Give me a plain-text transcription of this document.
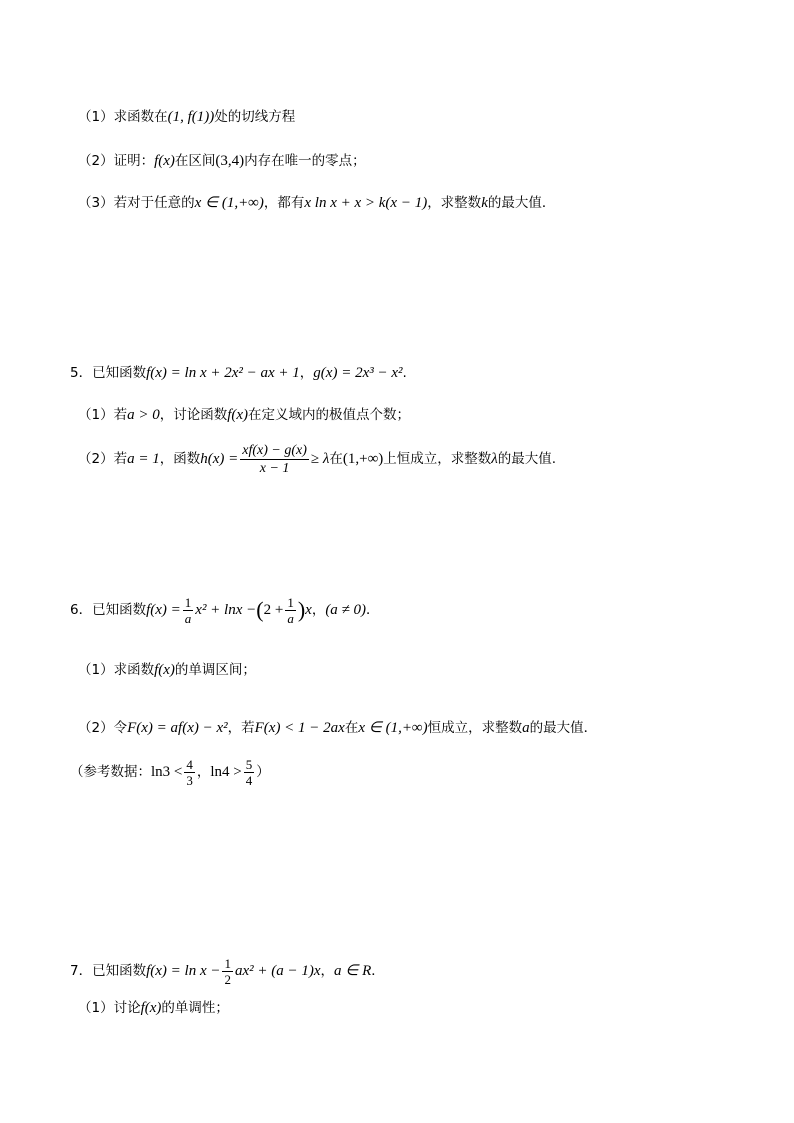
（1）求函数在(1, f(1))处的切线方程
（2）证明：f(x)在区间(3,4)内存在唯一的零点；
（3）若对于任意的x ∈ (1,+∞)，都有x ln x + x > k(x − 1)，求整数k的最大值．
5．已知函数f(x) = ln x + 2x² − ax + 1，g(x) = 2x³ − x².
（1）若a > 0，讨论函数f(x)在定义域内的极值点个数；
（2）若a = 1，函数$h(x) = \frac{xf(x) - g(x)}{x - 1} \ge \lambda$在(1,+∞)上恒成立，求整数λ的最大值.
6．已知函数$f(x) = \frac{1}{a} x^2 + \ln x -(2 + \frac{1}{a} )x$，(a ≠ 0)．
（1）求函数f(x)的单调区间；
（2）令F(x) = af(x) − x²，若F(x) < 1 − 2ax在x ∈ (1,+∞)恒成立，求整数a的最大值．
（参考数据：$\ln 3 < \frac{4}{3}$ ，$\ln 4 > \frac{5}{4}$ ）
7．已知函数$f(x) = \ln x - \frac{1}{2} ax^2 + (a - 1)x$，a ∈ R．
（1）讨论f(x)的单调性；
